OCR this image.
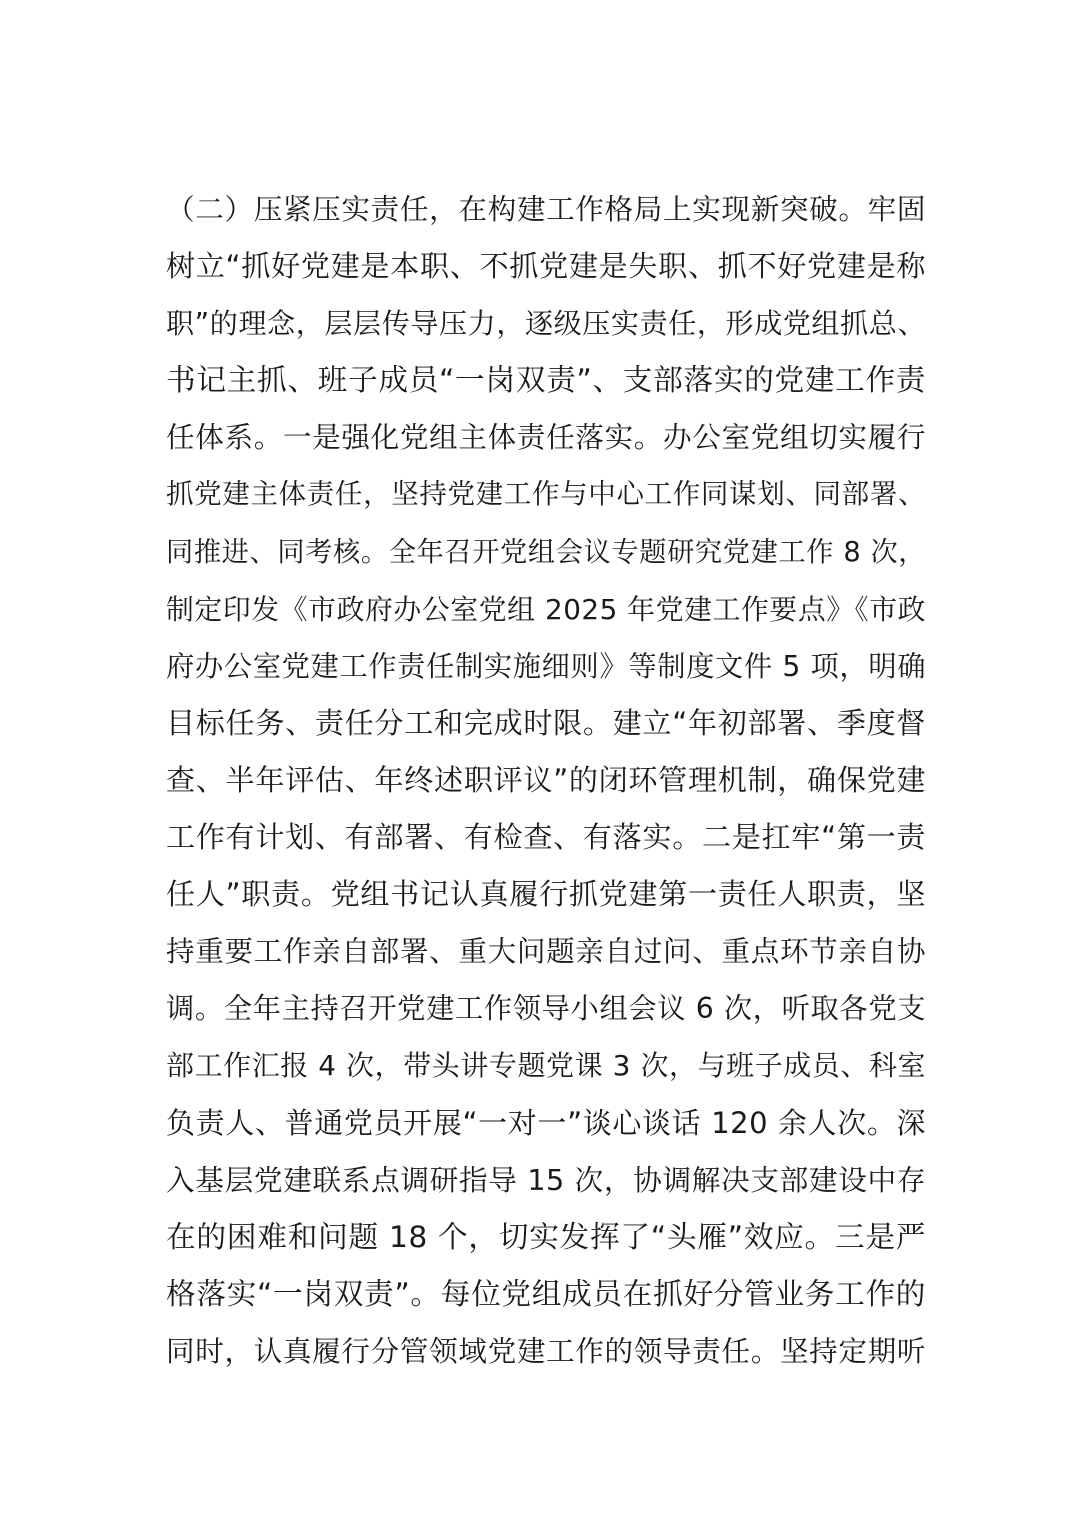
（二）压紧压实责任，在构建工作格局上实现新突破。牢固
树立“抓好党建是本职、不抓党建是失职、抓不好党建是称
职”的理念，层层传导压力，逐级压实责任，形成党组抓总、
书记主抓、班子成员“一岗双责”、支部落实的党建工作责
任体系。一是强化党组主体责任落实。办公室党组切实履行
抓党建主体责任，坚持党建工作与中心工作同谋划、同部署、
同推进、同考核。全年召开党组会议专题研究党建工作 8 次，
制定印发《市政府办公室党组 2025 年党建工作要点》《市政
府办公室党建工作责任制实施细则》等制度文件 5 项，明确
目标任务、责任分工和完成时限。建立“年初部署、季度督
查、半年评估、年终述职评议”的闭环管理机制，确保党建
工作有计划、有部署、有检查、有落实。二是扛牢“第一责
任人”职责。党组书记认真履行抓党建第一责任人职责，坚
持重要工作亲自部署、重大问题亲自过问、重点环节亲自协
调。全年主持召开党建工作领导小组会议 6 次，听取各党支
部工作汇报 4 次，带头讲专题党课 3 次，与班子成员、科室
负责人、普通党员开展“一对一”谈心谈话 120 余人次。深
入基层党建联系点调研指导 15 次，协调解决支部建设中存
在的困难和问题 18 个，切实发挥了“头雁”效应。三是严
格落实“一岗双责”。每位党组成员在抓好分管业务工作的
同时，认真履行分管领域党建工作的领导责任。坚持定期听
